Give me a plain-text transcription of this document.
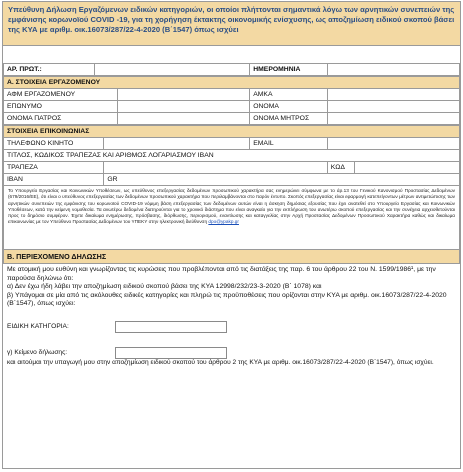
Υπεύθυνη Δήλωση Εργαζόμενων ειδικών κατηγοριών, οι οποίοι πλήττονται σημαντικά λόγω των αρνητικών συνεπειών της εμφάνισης κορωνοϊού COVID -19, για τη χορήγηση έκτακτης οικονομικής ενίσχυσης, ως αποζημίωση ειδικού σκοπού βάσει της ΚΥΑ με αριθμ. οικ.16073/287/22-4-2020 (Β΄1547) όπως ισχύει
ΑΡ. ΠΡΩΤ.:		ΗΜΕΡΟΜΗΝΙΑ	
Α. ΣΤΟΙΧΕΙΑ ΕΡΓΑΖΟΜΕΝΟΥ			
ΑΦΜ ΕΡΓΑΖΟΜΕΝΟΥ		ΑΜΚΑ	
ΕΠΩΝΥΜΟ		ΟΝΟΜΑ	
ΟΝΟΜΑ ΠΑΤΡΟΣ		ΟΝΟΜΑ ΜΗΤΡΟΣ	
ΣΤΟΙΧΕΙΑ ΕΠΙΚΟΙΝΩΝΙΑΣ				
ΤΗΛΕΦΩΝΟ ΚΙΝΗΤΟ		EMAIL		
ΤΙΤΛΟΣ, ΚΩΔΙΚΟΣ ΤΡΑΠΕΖΑΣ ΚΑΙ ΑΡΙΘΜΟΣ ΛΟΓΑΡΙΑΣΜΟΥ IBAN				
ΤΡΑΠΕΖΑ			ΚΩΔ	
IBAN	GR			
Το Υπουργείο Εργασίας και Κοινωνικών Υποθέσεων, ως υπεύθυνος επεξεργασίας δεδομένων προσωπικού χαρακτήρα σας ενημερώνει σύμφωνα με το άρ.13 του Γενικού Κανονισμού Προστασίας Δεδομένων (679/2016/ΕΕ), ότι είναι ο υπεύθυνος επεξεργασίας των δεδομένων προσωπικού χαρακτήρα που περιλαμβάνονται στο παρόν έντυπο. Σκοπός επεξεργασίας είναι εφαρμογή κατεπείγοντων μέτρων αντιμετώπισης των αρνητικών συνεπειών της εμφάνισης του κορωνοϊού COVID-19 νόμιμη βάση επεξεργασίας των δεδομένων αυτών είναι η άσκηση δημόσιας εξουσίας που έχει ανατεθεί στο Υπουργείο Εργασίας και Κοινωνικών Υποθέσεων, κατά την κείμενη νομοθεσία. Τα ανωτέρω δεδομένα διατηρούνται για το χρονικό διάστημα που είναι αναγκαίο για την εκπλήρωση του ανωτέρω σκοπού επεξεργασίας και την συνέχεια αρχειοθετούνται προς το δημόσιο συμφέρον. Έχετε δικαίωμα ενημέρωσης, πρόσβασης, διόρθωσης, περιορισμού, εναντίωσης και καταγγελίας στην Αρχή Προστασίας Δεδομένων Προσωπικού Χαρακτήρα καθώς και δικαίωμα επικοινωνίας με τον Υπεύθυνο Προστασίας Δεδομένων του ΥΠΕΚΥ στην ηλεκτρονική διεύθυνση dpo@ypakp.gr
Β. ΠΕΡΙΕΧΟΜΕΝΟ ΔΗΛΩΣΗΣ

Με ατομική μου ευθύνη και γνωρίζοντας τις κυρώσεις που προβλέπονται από τις διατάξεις της παρ. 6 του άρθρου 22 του Ν. 1599/1986¹, με την παρούσα δηλώνω ότι:

α) Δεν έχω ήδη λάβει την αποζημίωση ειδικού σκοπού βάσει της ΚΥΑ 12998/232/23-3-2020 (Β΄ 1078) και

β) Υπάγομαι σε μία από τις ακόλουθες ειδικές κατηγορίες και πληρώ τις προϋποθέσεις που ορίζονται στην ΚΥΑ με αριθμ. οικ.16073/287/22-4-2020 (Β΄1547), όπως ισχύει:

ΕΙΔΙΚΗ ΚΑΤΗΓΟΡΙΑ:
γ) Κείμενο δήλωσης:

και αιτούμαι την υπαγωγή μου στην αποζημίωση ειδικού σκοπού του άρθρου 2 της ΚΥΑ με αριθμ. οικ.16073/287/22-4-2020 (Β΄1547), όπως ισχύει.
